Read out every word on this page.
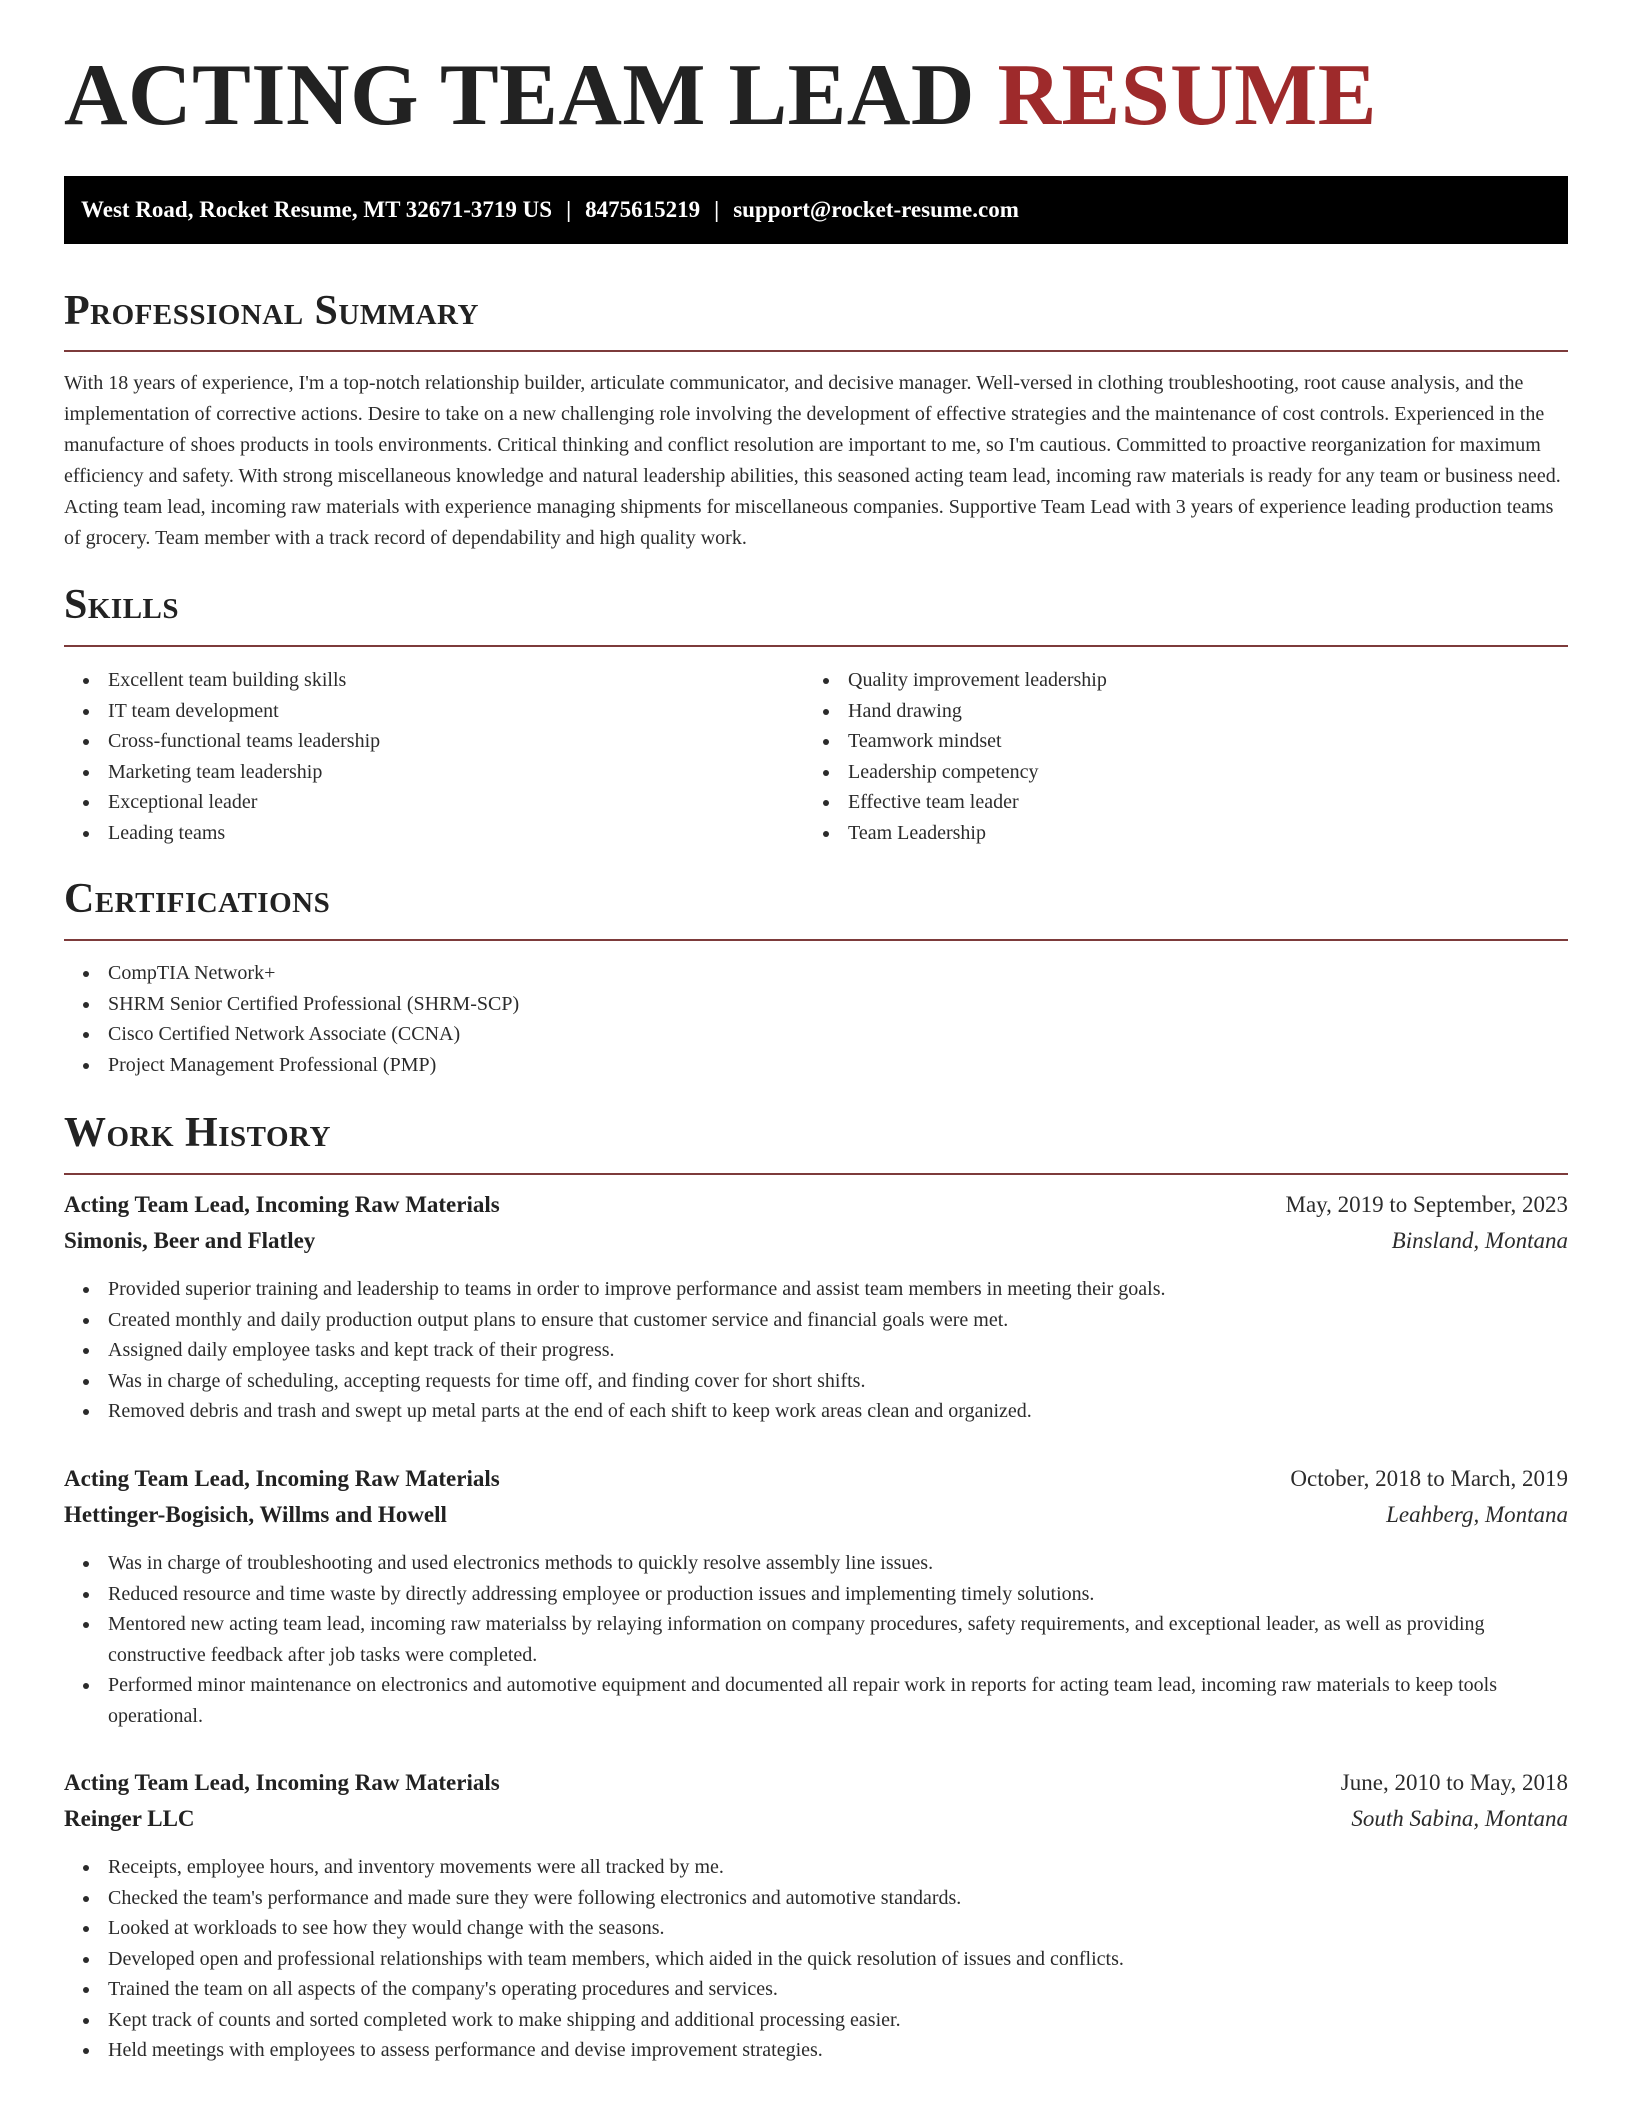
ACTING TEAM LEAD RESUME
West Road, Rocket Resume, MT 32671-3719 US | 8475615219 | support@rocket-resume.com
Professional Summary

With 18 years of experience, I'm a top-notch relationship builder, articulate communicator, and decisive manager. Well-versed in clothing troubleshooting, root cause analysis, and the implementation of corrective actions. Desire to take on a new challenging role involving the development of effective strategies and the maintenance of cost controls. Experienced in the manufacture of shoes products in tools environments. Critical thinking and conflict resolution are important to me, so I'm cautious. Committed to proactive reorganization for maximum efficiency and safety. With strong miscellaneous knowledge and natural leadership abilities, this seasoned acting team lead, incoming raw materials is ready for any team or business need. Acting team lead, incoming raw materials with experience managing shipments for miscellaneous companies. Supportive Team Lead with 3 years of experience leading production teams of grocery. Team member with a track record of dependability and high quality work.

Skills
Excellent team building skills
IT team development
Cross-functional teams leadership
Marketing team leadership
Exceptional leader
Leading teams
Quality improvement leadership
Hand drawing
Teamwork mindset
Leadership competency
Effective team leader
Team Leadership
Certifications
CompTIA Network+
SHRM Senior Certified Professional (SHRM-SCP)
Cisco Certified Network Associate (CCNA)
Project Management Professional (PMP)
Work History
Acting Team Lead, Incoming Raw Materials	May, 2019 to September, 2023
Simonis, Beer and Flatley	Binsland, Montana
Provided superior training and leadership to teams in order to improve performance and assist team members in meeting their goals.
Created monthly and daily production output plans to ensure that customer service and financial goals were met.
Assigned daily employee tasks and kept track of their progress.
Was in charge of scheduling, accepting requests for time off, and finding cover for short shifts.
Removed debris and trash and swept up metal parts at the end of each shift to keep work areas clean and organized.
Acting Team Lead, Incoming Raw Materials	October, 2018 to March, 2019
Hettinger-Bogisich, Willms and Howell	Leahberg, Montana
Was in charge of troubleshooting and used electronics methods to quickly resolve assembly line issues.
Reduced resource and time waste by directly addressing employee or production issues and implementing timely solutions.
Mentored new acting team lead, incoming raw materialss by relaying information on company procedures, safety requirements, and exceptional leader, as well as providing constructive feedback after job tasks were completed.
Performed minor maintenance on electronics and automotive equipment and documented all repair work in reports for acting team lead, incoming raw materials to keep tools operational.
Acting Team Lead, Incoming Raw Materials	June, 2010 to May, 2018
Reinger LLC	South Sabina, Montana
Receipts, employee hours, and inventory movements were all tracked by me.
Checked the team's performance and made sure they were following electronics and automotive standards.
Looked at workloads to see how they would change with the seasons.
Developed open and professional relationships with team members, which aided in the quick resolution of issues and conflicts.
Trained the team on all aspects of the company's operating procedures and services.
Kept track of counts and sorted completed work to make shipping and additional processing easier.
Held meetings with employees to assess performance and devise improvement strategies.
